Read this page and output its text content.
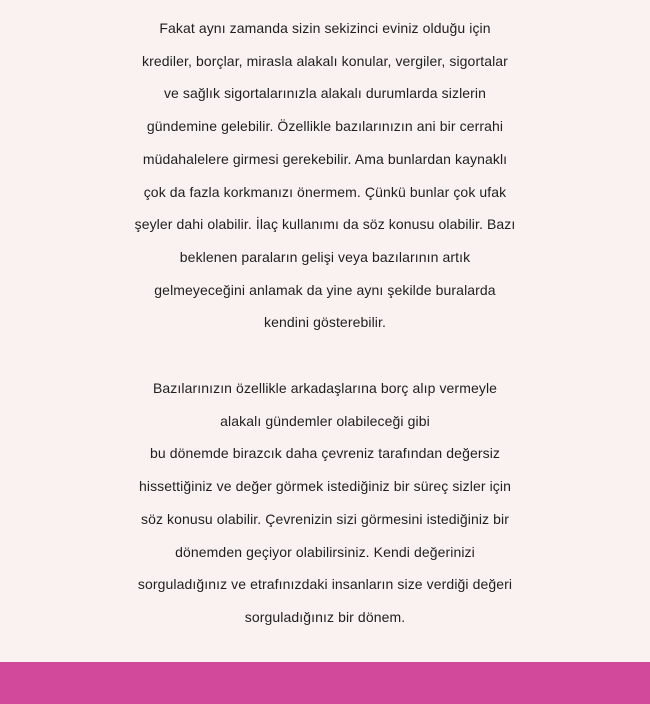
Fakat aynı zamanda sizin sekizinci eviniz olduğu için
krediler, borçlar, mirasla alakalı konular, vergiler, sigortalar
ve sağlık sigortalarınızla alakalı durumlarda sizlerin
gündemine gelebilir. Özellikle bazılarınızın ani bir cerrahi
müdahalelere girmesi gerekebilir. Ama bunlardan kaynaklı
çok da fazla korkmanızı önermem. Çünkü bunlar çok ufak
şeyler dahi olabilir. İlaç kullanımı da söz konusu olabilir. Bazı
beklenen paraların gelişi veya bazılarının artık
gelmeyeceğini anlamak da yine aynı şekilde buralarda
kendini gösterebilir.

Bazılarınızın özellikle arkadaşlarına borç alıp vermeyle
alakalı gündemler olabileceği gibi
bu dönemde birazcık daha çevreniz tarafından değersiz
hissettiğiniz ve değer görmek istediğiniz bir süreç sizler için
söz konusu olabilir. Çevrenizin sizi görmesini istediğiniz bir
dönemden geçiyor olabilirsiniz. Kendi değerinizi
sorguladığınız ve etrafınızdaki insanların size verdiği değeri
sorguladığınız bir dönem.
